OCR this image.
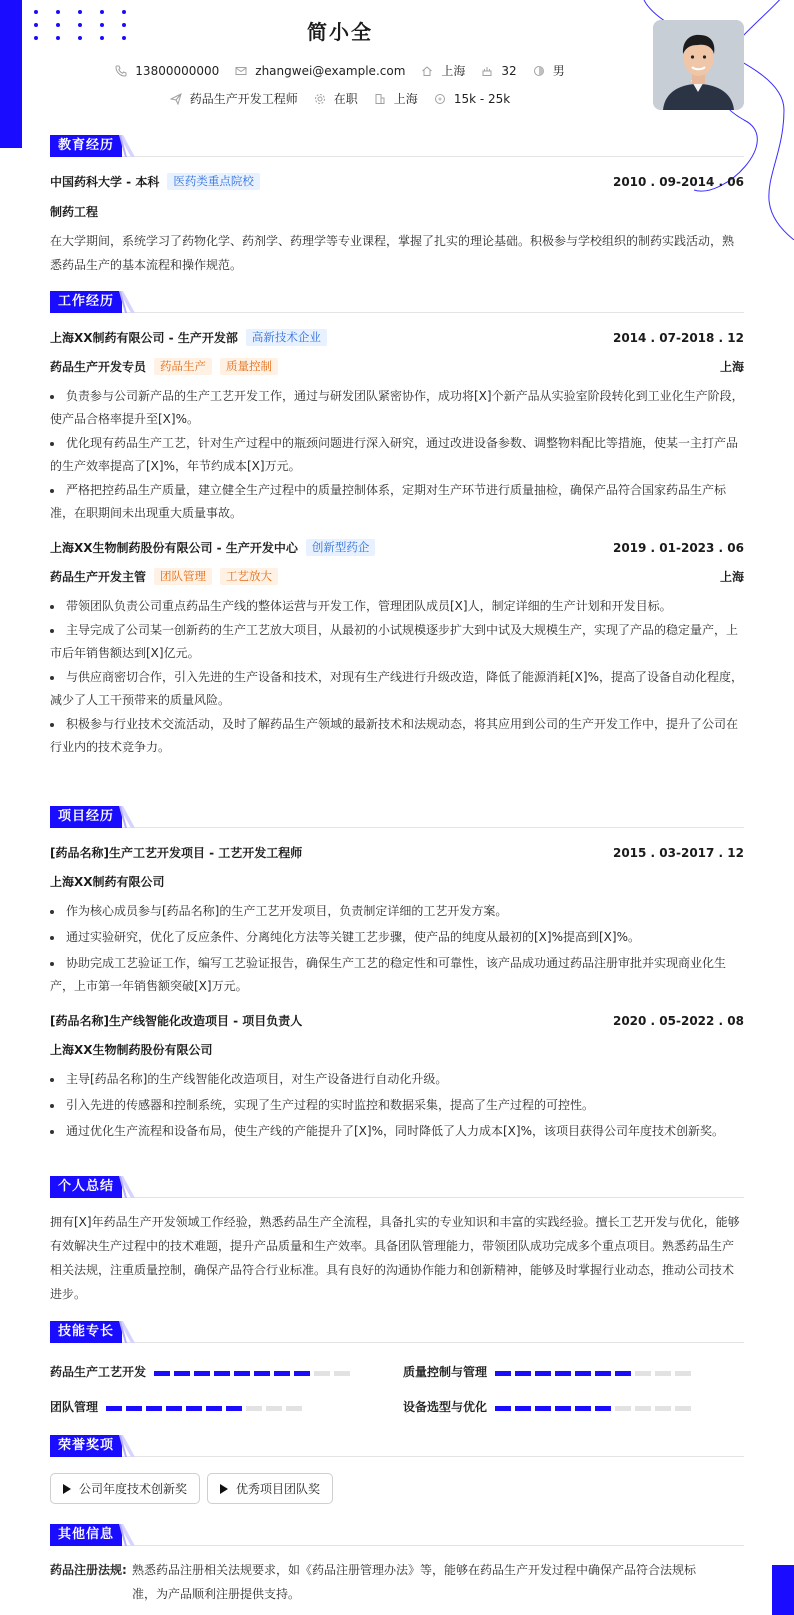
简小全
13800000000	zhangwei@example.com	上海	32	男
药品生产开发工程师	在职	上海	15k - 25k
教育经历
中国药科大学 - 本科	医药类重点院校	2010 . 09-2014 . 06
制药工程
在大学期间，系统学习了药物化学、药剂学、药理学等专业课程，掌握了扎实的理论基础。积极参与学校组织的制药实践活动，熟悉药品生产的基本流程和操作规范。
工作经历
上海XX制药有限公司 - 生产开发部	高新技术企业	2014 . 07-2018 . 12
药品生产开发专员	药品生产	质量控制	上海
负责参与公司新产品的生产工艺开发工作，通过与研发团队紧密协作，成功将[X]个新产品从实验室阶段转化到工业化生产阶段，使产品合格率提升至[X]%。
优化现有药品生产工艺，针对生产过程中的瓶颈问题进行深入研究，通过改进设备参数、调整物料配比等措施，使某一主打产品的生产效率提高了[X]%，年节约成本[X]万元。
严格把控药品生产质量，建立健全生产过程中的质量控制体系，定期对生产环节进行质量抽检，确保产品符合国家药品生产标准，在职期间未出现重大质量事故。
上海XX生物制药股份有限公司 - 生产开发中心	创新型药企	2019 . 01-2023 . 06
药品生产开发主管	团队管理	工艺放大	上海
带领团队负责公司重点药品生产线的整体运营与开发工作，管理团队成员[X]人，制定详细的生产计划和开发目标。
主导完成了公司某一创新药的生产工艺放大项目，从最初的小试规模逐步扩大到中试及大规模生产，实现了产品的稳定量产，上市后年销售额达到[X]亿元。
与供应商密切合作，引入先进的生产设备和技术，对现有生产线进行升级改造，降低了能源消耗[X]%，提高了设备自动化程度，减少了人工干预带来的质量风险。
积极参与行业技术交流活动，及时了解药品生产领域的最新技术和法规动态，将其应用到公司的生产开发工作中，提升了公司在行业内的技术竞争力。
项目经历
[药品名称]生产工艺开发项目 - 工艺开发工程师	2015 . 03-2017 . 12
上海XX制药有限公司
作为核心成员参与[药品名称]的生产工艺开发项目，负责制定详细的工艺开发方案。
通过实验研究，优化了反应条件、分离纯化方法等关键工艺步骤，使产品的纯度从最初的[X]%提高到[X]%。
协助完成工艺验证工作，编写工艺验证报告，确保生产工艺的稳定性和可靠性，该产品成功通过药品注册审批并实现商业化生产，上市第一年销售额突破[X]万元。
[药品名称]生产线智能化改造项目 - 项目负责人	2020 . 05-2022 . 08
上海XX生物制药股份有限公司
主导[药品名称]的生产线智能化改造项目，对生产设备进行自动化升级。
引入先进的传感器和控制系统，实现了生产过程的实时监控和数据采集，提高了生产过程的可控性。
通过优化生产流程和设备布局，使生产线的产能提升了[X]%，同时降低了人力成本[X]%，该项目获得公司年度技术创新奖。
个人总结
拥有[X]年药品生产开发领域工作经验，熟悉药品生产全流程，具备扎实的专业知识和丰富的实践经验。擅长工艺开发与优化，能够有效解决生产过程中的技术难题，提升产品质量和生产效率。具备团队管理能力，带领团队成功完成多个重点项目。熟悉药品生产相关法规，注重质量控制，确保产品符合行业标准。具有良好的沟通协作能力和创新精神，能够及时掌握行业动态，推动公司技术进步。
技能专长
药品生产工艺开发	质量控制与管理
团队管理	设备选型与优化
荣誉奖项
公司年度技术创新奖	优秀项目团队奖
其他信息
药品注册法规: 熟悉药品注册相关法规要求，如《药品注册管理办法》等，能够在药品生产开发过程中确保产品符合法规标准，为产品顺利注册提供支持。
